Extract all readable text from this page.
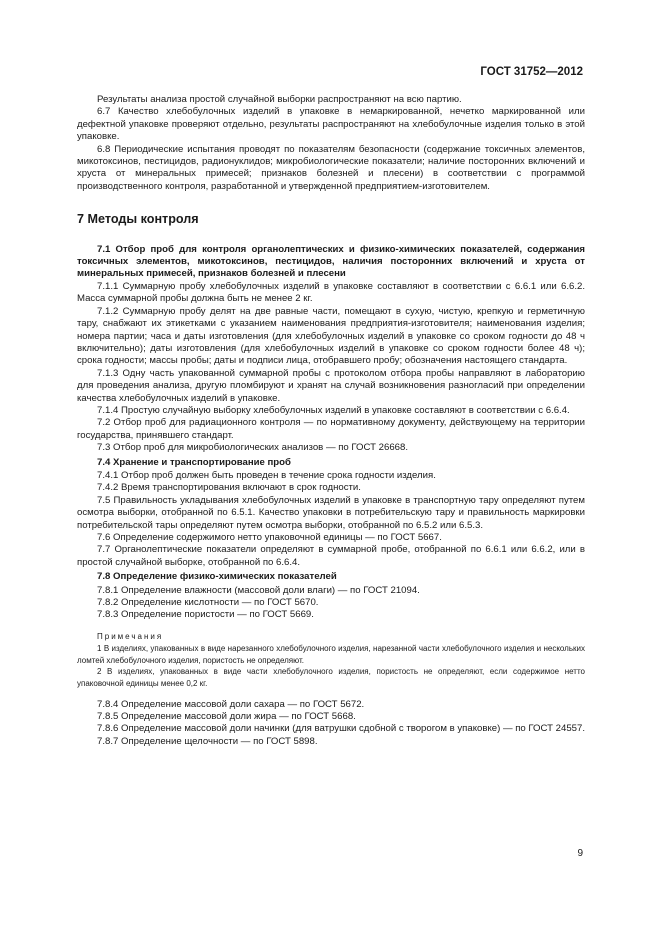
ГОСТ 31752—2012

Результаты анализа простой случайной выборки распространяют на всю партию.

6.7 Качество хлебобулочных изделий в упаковке в немаркированной, нечетко маркированной или дефектной упаковке проверяют отдельно, результаты распространяют на хлебобулочные изделия только в этой упаковке.

6.8 Периодические испытания проводят по показателям безопасности (содержание токсичных элементов, микотоксинов, пестицидов, радионуклидов; микробиологические показатели; наличие посторонних включений и хруста от минеральных примесей; признаков болезней и плесени) в соответствии с программой производственного контроля, разработанной и утвержденной предприятием-изготовителем.

7 Методы контроля

7.1 Отбор проб для контроля органолептических и физико-химических показателей, содержания токсичных элементов, микотоксинов, пестицидов, наличия посторонних включений и хруста от минеральных примесей, признаков болезней и плесени

7.1.1 Суммарную пробу хлебобулочных изделий в упаковке составляют в соответствии с 6.6.1 или 6.6.2. Масса суммарной пробы должна быть не менее 2 кг.

7.1.2 Суммарную пробу делят на две равные части, помещают в сухую, чистую, крепкую и герметичную тару, снабжают их этикетками с указанием наименования предприятия-изготовителя; наименования изделия; номера партии; часа и даты изготовления (для хлебобулочных изделий в упаковке со сроком годности до 48 ч включительно); даты изготовления (для хлебобулочных изделий в упаковке со сроком годности более 48 ч); срока годности; массы пробы; даты и подписи лица, отобравшего пробу; обозначения настоящего стандарта.

7.1.3 Одну часть упакованной суммарной пробы с протоколом отбора пробы направляют в лабораторию для проведения анализа, другую пломбируют и хранят на случай возникновения разногласий при определении качества хлебобулочных изделий в упаковке.

7.1.4 Простую случайную выборку хлебобулочных изделий в упаковке составляют в соответствии с 6.6.4.

7.2 Отбор проб для радиационного контроля — по нормативному документу, действующему на территории государства, принявшего стандарт.

7.3 Отбор проб для микробиологических анализов — по ГОСТ 26668.

7.4 Хранение и транспортирование проб

7.4.1 Отбор проб должен быть проведен в течение срока годности изделия.

7.4.2 Время транспортирования включают в срок годности.

7.5 Правильность укладывания хлебобулочных изделий в упаковке в транспортную тару определяют путем осмотра выборки, отобранной по 6.5.1. Качество упаковки в потребительскую тару и правильность маркировки потребительской тары определяют путем осмотра выборки, отобранной по 6.5.2 или 6.5.3.

7.6 Определение содержимого нетто упаковочной единицы — по ГОСТ 5667.

7.7 Органолептические показатели определяют в суммарной пробе, отобранной по 6.6.1 или 6.6.2, или в простой случайной выборке, отобранной по 6.6.4.

7.8 Определение физико-химических показателей

7.8.1 Определение влажности (массовой доли влаги) — по ГОСТ 21094.

7.8.2 Определение кислотности — по ГОСТ 5670.

7.8.3 Определение пористости — по ГОСТ 5669.

Примечания

1 В изделиях, упакованных в виде нарезанного хлебобулочного изделия, нарезанной части хлебобулочного изделия и нескольких ломтей хлебобулочного изделия, пористость не определяют.

2 В изделиях, упакованных в виде части хлебобулочного изделия, пористость не определяют, если содержимое нетто упаковочной единицы менее 0,2 кг.

7.8.4 Определение массовой доли сахара — по ГОСТ 5672.

7.8.5 Определение массовой доли жира — по ГОСТ 5668.

7.8.6 Определение массовой доли начинки (для ватрушки сдобной с творогом в упаковке) — по ГОСТ 24557.

7.8.7 Определение щелочности — по ГОСТ 5898.

9
